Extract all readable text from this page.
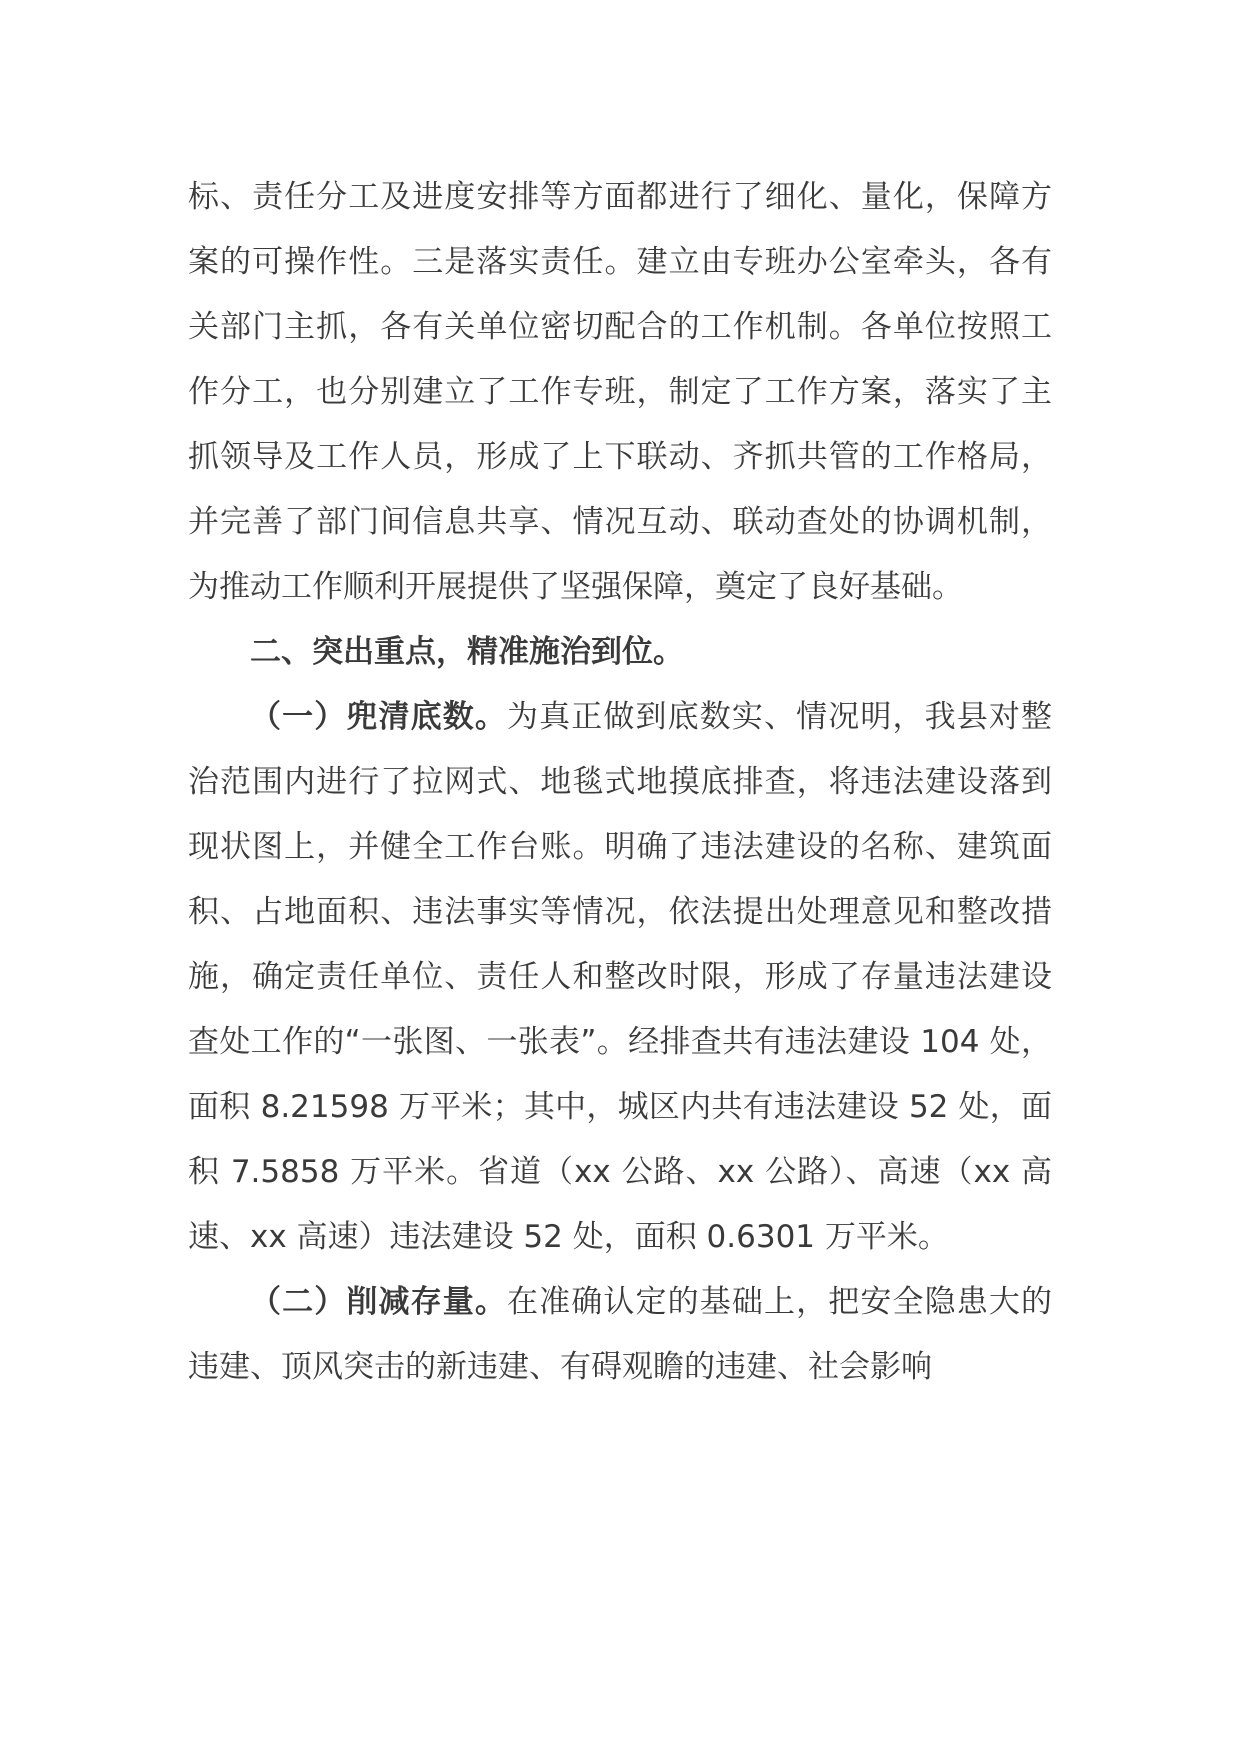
标、责任分工及进度安排等方面都进行了细化、量化，保障方案的可操作性。三是落实责任。建立由专班办公室牵头，各有关部门主抓，各有关单位密切配合的工作机制。各单位按照工作分工，也分别建立了工作专班，制定了工作方案，落实了主抓领导及工作人员，形成了上下联动、齐抓共管的工作格局，并完善了部门间信息共享、情况互动、联动查处的协调机制，为推动工作顺利开展提供了坚强保障，奠定了良好基础。

二、突出重点，精准施治到位。

（一）兜清底数。为真正做到底数实、情况明，我县对整治范围内进行了拉网式、地毯式地摸底排查，将违法建设落到现状图上，并健全工作台账。明确了违法建设的名称、建筑面积、占地面积、违法事实等情况，依法提出处理意见和整改措施，确定责任单位、责任人和整改时限，形成了存量违法建设查处工作的“一张图、一张表”。经排查共有违法建设 104 处，面积 8.21598 万平米；其中，城区内共有违法建设 52 处，面积 7.5858 万平米。省道（xx 公路、xx 公路）、高速（xx 高速、xx 高速）违法建设 52 处，面积 0.6301 万平米。

（二）削减存量。在准确认定的基础上，把安全隐患大的违建、顶风突击的新违建、有碍观瞻的违建、社会影响
